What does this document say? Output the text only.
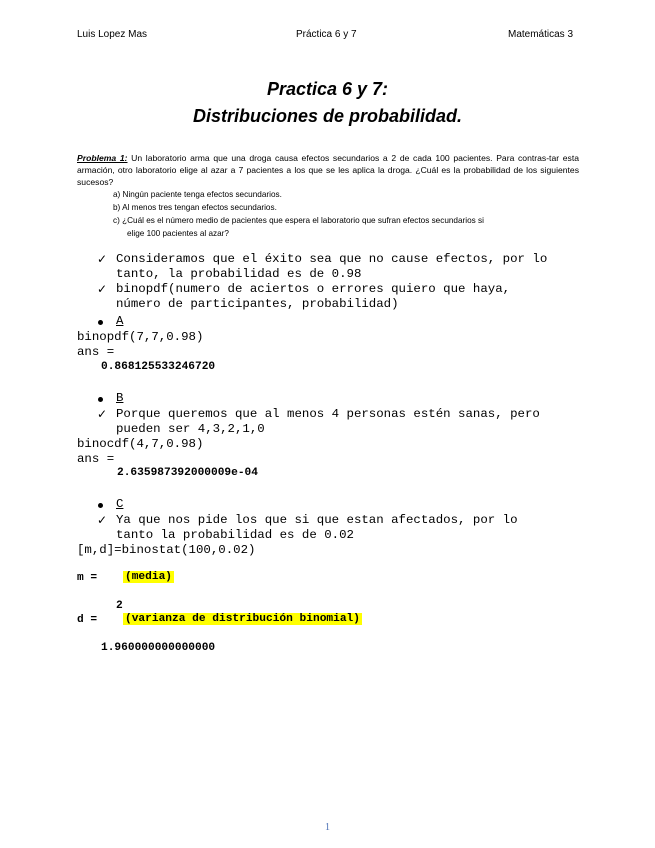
Luis Lopez Mas	Práctica 6 y 7	Matemáticas 3
Practica 6 y 7:
Distribuciones de probabilidad.
Problema 1: Un laboratorio arma que una droga causa efectos secundarios a 2 de cada 100 pacientes. Para contras-tar esta armación, otro laboratorio elige al azar a 7 pacientes a los que se les aplica la droga. ¿Cuál es la probabilidad de los siguientes sucesos?
a) Ningún paciente tenga efectos secundarios.
b) Al menos tres tengan efectos secundarios.
c) ¿Cuál es el número medio de pacientes que espera el laboratorio que sufran efectos secundarios si
elige 100 pacientes al azar?
✓ Consideramos que el éxito sea que no cause efectos, por lo
tanto, la probabilidad es de 0.98
✓ binopdf(numero de aciertos o errores quiero que haya,
número de participantes, probabilidad)
A
binopdf(7,7,0.98)
ans =
0.868125533246720
B
✓ Porque queremos que al menos 4 personas estén sanas, pero
pueden ser 4,3,2,1,0
binocdf(4,7,0.98)
ans =
2.635987392000009e-04
C
✓ Ya que nos pide los que si que estan afectados, por lo
tanto la probabilidad es de 0.02
[m,d]=binostat(100,0.02)
m = (media)
2
d = (varianza de distribución binomial)
1.960000000000000
1
